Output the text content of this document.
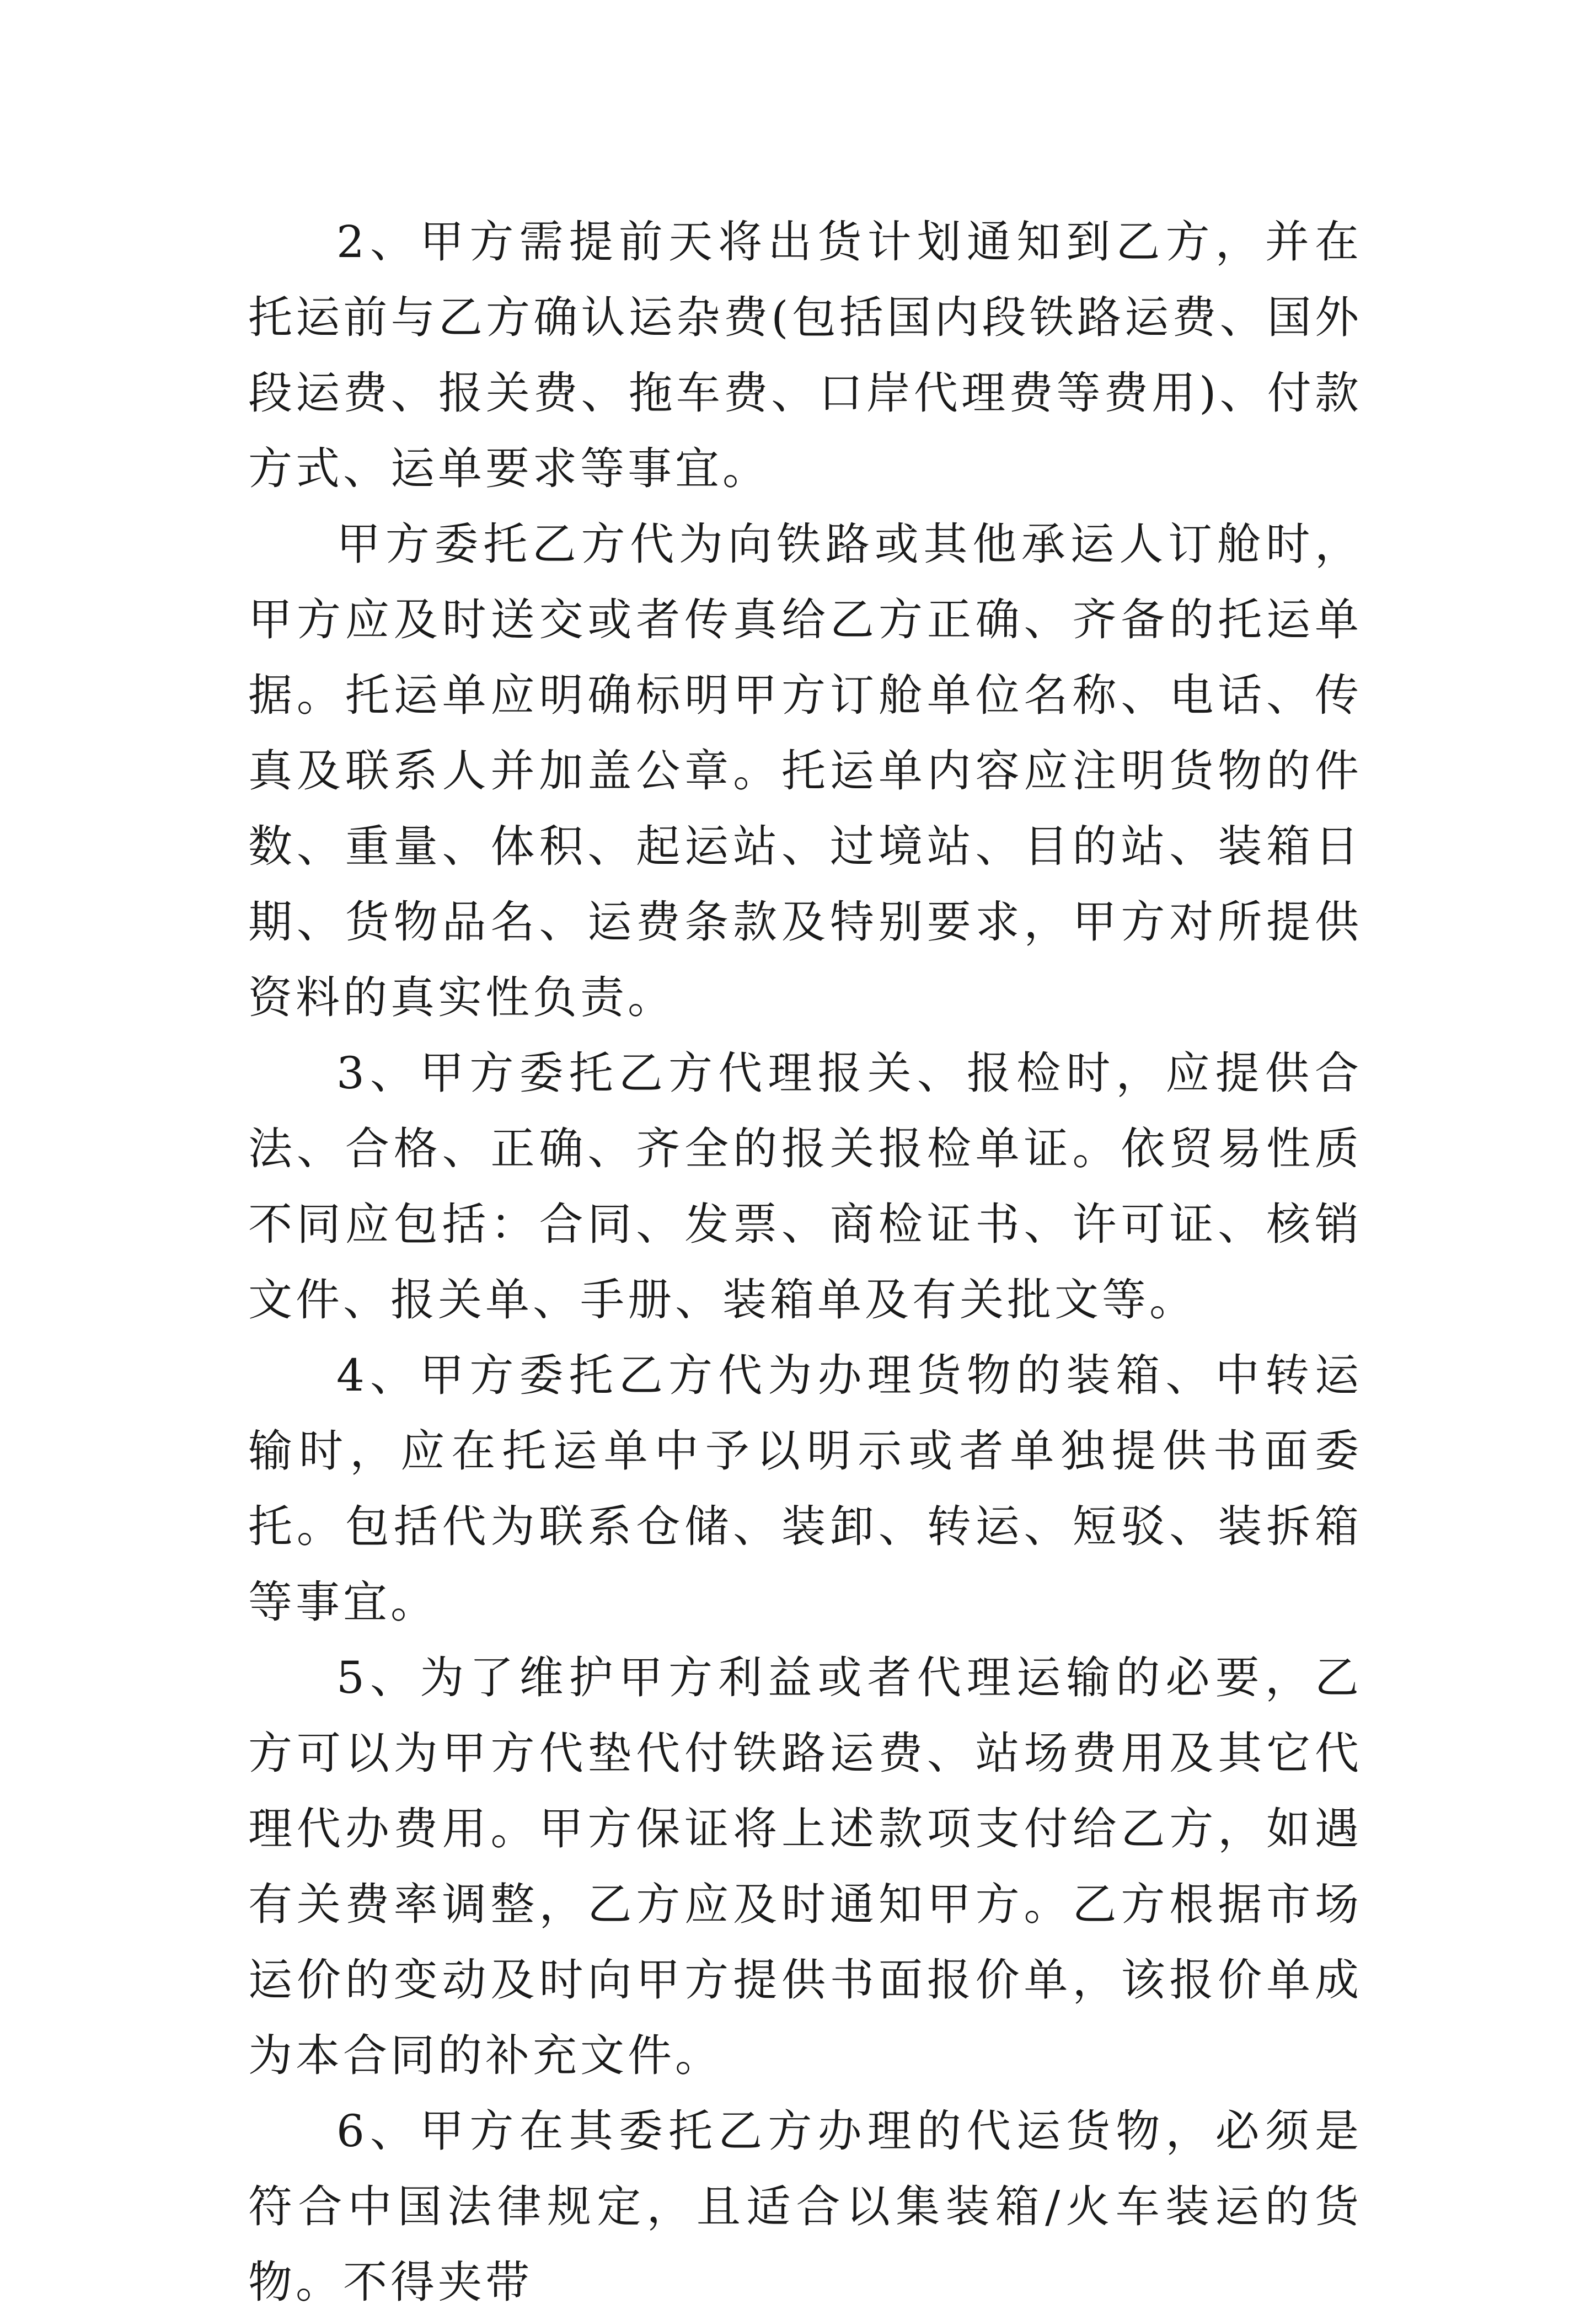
2、甲方需提前天将出货计划通知到乙方，并在托运前与乙方确认运杂费(包括国内段铁路运费、国外段运费、报关费、拖车费、口岸代理费等费用)、付款方式、运单要求等事宜。

甲方委托乙方代为向铁路或其他承运人订舱时，甲方应及时送交或者传真给乙方正确、齐备的托运单据。托运单应明确标明甲方订舱单位名称、电话、传真及联系人并加盖公章。托运单内容应注明货物的件数、重量、体积、起运站、过境站、目的站、装箱日期、货物品名、运费条款及特别要求，甲方对所提供资料的真实性负责。

3、甲方委托乙方代理报关、报检时，应提供合法、合格、正确、齐全的报关报检单证。依贸易性质不同应包括：合同、发票、商检证书、许可证、核销文件、报关单、手册、装箱单及有关批文等。

4、甲方委托乙方代为办理货物的装箱、中转运输时，应在托运单中予以明示或者单独提供书面委托。包括代为联系仓储、装卸、转运、短驳、装拆箱等事宜。

5、为了维护甲方利益或者代理运输的必要，乙方可以为甲方代垫代付铁路运费、站场费用及其它代理代办费用。甲方保证将上述款项支付给乙方，如遇有关费率调整，乙方应及时通知甲方。乙方根据市场运价的变动及时向甲方提供书面报价单，该报价单成为本合同的补充文件。

6、甲方在其委托乙方办理的代运货物，必须是符合中国法律规定，且适合以集装箱/火车装运的货物。不得夹带
